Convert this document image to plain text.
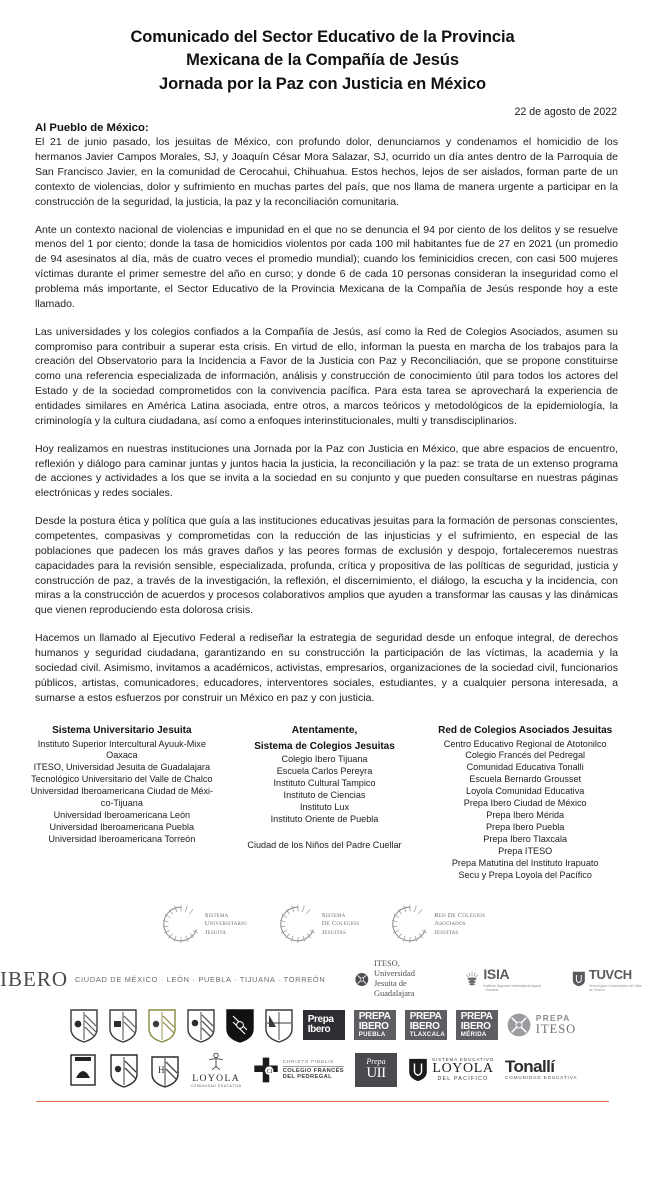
Comunicado del Sector Educativo de la Provincia
Mexicana de la Compañía de Jesús
Jornada por la Paz con Justicia en México
22 de agosto de 2022
Al Pueblo de México:

El 21 de junio pasado, los jesuitas de México, con profundo dolor, denunciamos y condenamos el homicidio de los hermanos Javier Campos Morales, SJ, y Joaquín César Mora Salazar, SJ, ocurrido un día antes dentro de la Parroquia de San Francisco Javier, en la comunidad de Cerocahui, Chihuahua. Estos hechos, lejos de ser aislados, forman parte de un contexto de violencias, dolor y sufrimiento en muchas partes del país, que nos llama de manera urgente a participar en la construcción de la seguridad, la justicia, la paz y la reconciliación comunitaria.

Ante un contexto nacional de violencias e impunidad en el que no se denuncia el 94 por ciento de los delitos y se resuelve menos del 1 por ciento; donde la tasa de homicidios violentos por cada 100 mil habitantes fue de 27 en 2021 (un promedio de 94 asesinatos al día, más de cuatro veces el promedio mundial); cuando los feminicidios crecen, con casi 500 mujeres víctimas durante el primer semestre del año en curso; y donde 6 de cada 10 personas consideran la inseguridad como el problema más importante, el Sector Educativo de la Provincia Mexicana de la Compañía de Jesús responde hoy a este llamado.

Las universidades y los colegios confiados a la Compañía de Jesús, así como la Red de Colegios Asociados, asumen su compromiso para contribuir a superar esta crisis. En virtud de ello, informan la puesta en marcha de los trabajos para la creación del Observatorio para la Incidencia a Favor de la Justicia con Paz y Reconciliación, que se propone constituirse como una referencia especializada de información, análisis y construcción de conocimiento útil para todos los actores del Estado y de la sociedad comprometidos con la convivencia pacífica. Para esta tarea se aprovechará la experiencia de entidades similares en América Latina asociada, entre otros, a marcos teóricos y metodológicos de la epidemiología, la criminología y la cultura ciudadana, así como a enfoques interinstitucionales, multi y transdisciplinarios.

Hoy realizamos en nuestras instituciones una Jornada por la Paz con Justicia en México, que abre espacios de encuentro, reflexión y diálogo para caminar juntas y juntos hacia la justicia, la reconciliación y la paz: se trata de un extenso programa de acciones y actividades a los que se invita a la sociedad en su conjunto y que pueden consultarse en nuestras páginas electrónicas y redes sociales.

Desde la postura ética y política que guía a las instituciones educativas jesuitas para la formación de personas conscientes, competentes, compasivas y comprometidas con la reducción de las injusticias y el sufrimiento, en especial de las poblaciones que padecen los más graves daños y las peores formas de exclusión y despojo, fortaleceremos nuestras capacidades para la revisión sensible, especializada, profunda, crítica y propositiva de las políticas de seguridad, justicia y construcción de paz, a través de la investigación, la reflexión, el discernimiento, el diálogo, la escucha y la incidencia, con miras a la construcción de acuerdos y procesos colaborativos amplios que ayuden a transformar las causas y las dinámicas que vienen reproduciendo esta dolorosa crisis.

Hacemos un llamado al Ejecutivo Federal a rediseñar la estrategia de seguridad desde un enfoque integral, de derechos humanos y seguridad ciudadana, garantizando en su construcción la participación de las víctimas, la academia y la sociedad civil. Asimismo, invitamos a académicos, activistas, empresarios, organizaciones de la sociedad civil, funcionarios públicos, artistas, comunicadores, educadores, interventores sociales, estudiantes, y a cualquier persona interesada, a sumarse a estos esfuerzos por construir un México en paz y con justicia.

Sistema Universitario Jesuita
Instituto Superior Intercultural Ayuuk-Mixe
Oaxaca
ITESO, Universidad Jesuita de Guadalajara
Tecnológico Universitario del Valle de Chalco
Universidad Iberoamericana Ciudad de Méxi-
co-Tijuana
Universidad Iberoamericana León
Universidad Iberoamericana Puebla
Universidad Iberoamericana Torreón
Atentamente,
Sistema de Colegios Jesuitas
Colegio Ibero Tijuana
Escuela Carlos Pereyra
Instituto Cultural Tampico
Instituto de Ciencias
Instituto Lux
Instituto Oriente de Puebla
Ciudad de los Niños del Padre Cuellar
Red de Colegios Asociados Jesuitas
Centro Educativo Regional de Atotonilco
Colegio Francés del Pedregal
Comunidad Educativa Tonalli
Escuela Bernardo Grousset
Loyola Comunidad Educativa
Prepa Ibero Ciudad de México
Prepa Ibero Mérida
Prepa Ibero Puebla
Prepa Ibero Tlaxcala
Prepa ITESO
Prepa Matutina del Instituto Irapuato
Secu y Prepa Loyola del Pacífico
Sistema
Universitario
Jesuita
Sistema
De Colegios
Jesuitas
Red De Colegios
Asociados
Jesuitas
IBERO CIUDAD DE MÉXICO · LEÓN · PUEBLA · TIJUANA · TORREÓN
ITESO, Universidad
Jesuita de Guadalajara
ISIA
Instituto Superior Intercultural Ayuuk · Oaxaca
TUVCH
Tecnológico Universitario del Valle de Chalco
Prepa Ibero
PREPA IBERO
PUEBLA
PREPA IBERO
TLAXCALA
PREPA IBERO
MÉRIDA
PREPA
ITESO
H
LOYOLA
COMUNIDAD EDUCATIVA
Cf
CHRISTO FIDELIS
COLEGIO FRANCÉS
DEL PEDREGAL
Prepa
UII
SISTEMA EDUCATIVO
LOYOLA
DEL PACÍFICO
Tonallí
COMUNIDAD EDUCATIVA
